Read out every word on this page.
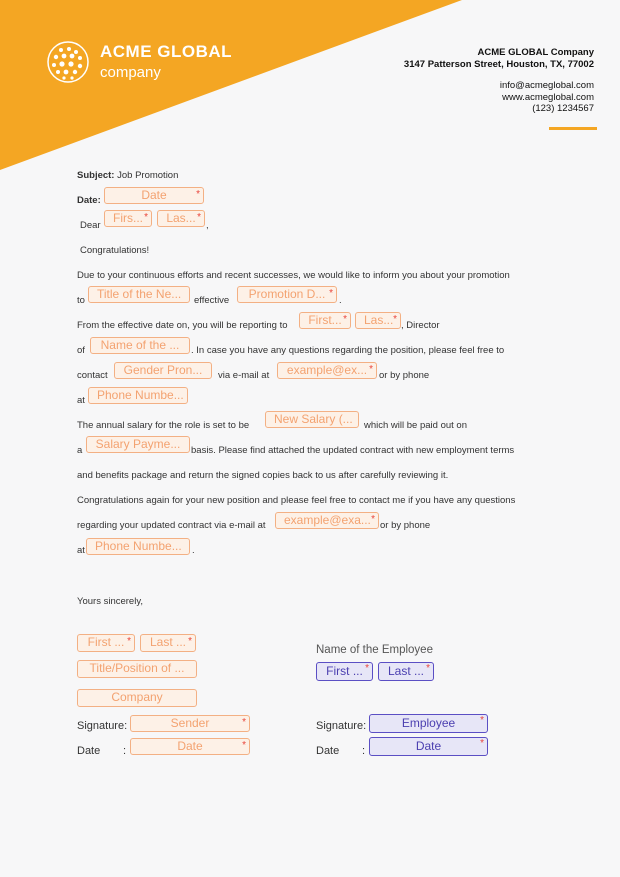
ACME GLOBAL
company
ACME GLOBAL Company
3147 Patterson Street, Houston, TX, 77002
info@acmeglobal.com
www.acmeglobal.com
(123) 1234567
Subject: Job Promotion
Date:	Date	*
Dear
Firs... *	Las... *
,
Congratulations!
Due to your continuous efforts and recent successes, we would like to inform you about your promotion
to	Title of the Ne...	effective	Promotion D... *
.
From the effective date on, you will be reporting to	First... *	Las... *
, Director
of	Name of the ...	. In case you have any questions regarding the position, please feel free to
contact	Gender Pron...	via e-mail at	example@ex... *
or by phone
at	Phone Numbe...
The annual salary for the role is set to be	New Salary (...	which will be paid out on
a	Salary Payme...	basis. Please find attached the updated contract with new employment terms
and benefits package and return the signed copies back to us after carefully reviewing it.
Congratulations again for your new position and please feel free to contact me if you have any questions
regarding your updated contract via e-mail at	example@exa... *
or by phone
at Phone Numbe...	.
Yours sincerely,
First ... *	Last ... *
Title/Position of ...
Company
Signature:	Sender	*
Date :	Date	*
Name of the Employee
First ... *	Last ... *
Signature:	Employee *
Date :	Date	*
